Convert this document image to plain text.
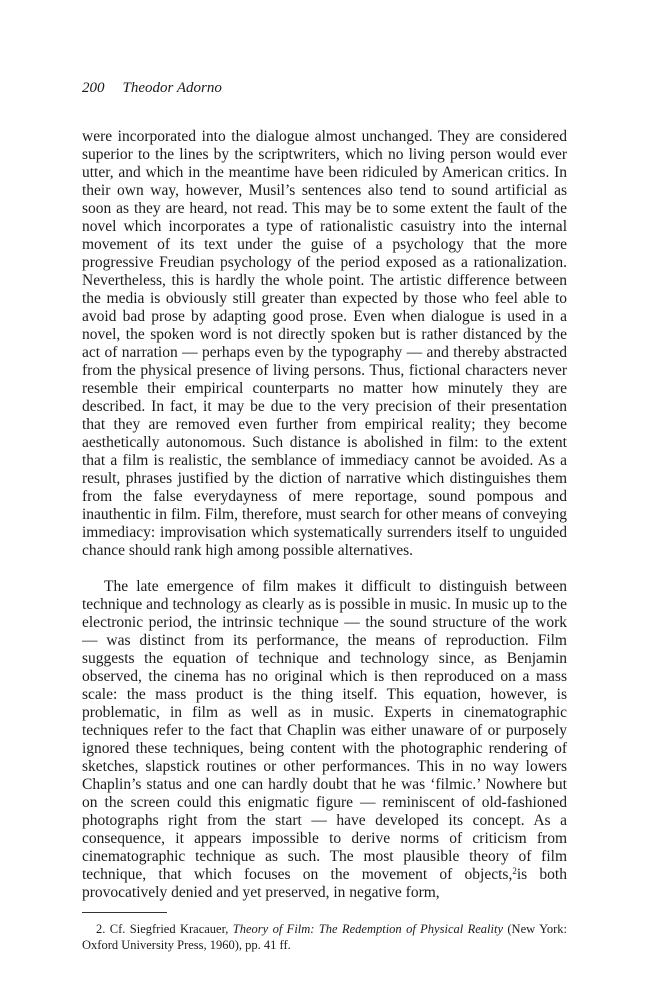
200 Theodor Adorno

were incorporated into the dialogue almost unchanged. They are considered superior to the lines by the scriptwriters, which no living person would ever utter, and which in the meantime have been ridiculed by American critics. In their own way, however, Musil’s sentences also tend to sound artificial as soon as they are heard, not read. This may be to some extent the fault of the novel which incorporates a type of rationalistic casuistry into the internal movement of its text under the guise of a psychology that the more progressive Freudian psychology of the period exposed as a rationalization. Nevertheless, this is hardly the whole point. The artistic difference between the media is obviously still greater than expected by those who feel able to avoid bad prose by adapting good prose. Even when dialogue is used in a novel, the spoken word is not directly spoken but is rather distanced by the act of narration — perhaps even by the typography — and thereby abstracted from the physical presence of living persons. Thus, fictional characters never resemble their empirical counterparts no matter how minutely they are described. In fact, it may be due to the very precision of their presentation that they are removed even further from empirical reality; they become aesthetically autonomous. Such distance is abolished in film: to the extent that a film is realistic, the semblance of immediacy cannot be avoided. As a result, phrases justified by the diction of narrative which distinguishes them from the false everydayness of mere reportage, sound pompous and inauthentic in film. Film, therefore, must search for other means of conveying immediacy: improvisation which systematically surrenders itself to unguided chance should rank high among possible alternatives.

The late emergence of film makes it difficult to distinguish between technique and technology as clearly as is possible in music. In music up to the electronic period, the intrinsic technique — the sound structure of the work — was distinct from its performance, the means of reproduction. Film suggests the equation of technique and technology since, as Benjamin observed, the cinema has no original which is then reproduced on a mass scale: the mass product is the thing itself. This equation, however, is problematic, in film as well as in music. Experts in cinematographic techniques refer to the fact that Chaplin was either unaware of or purposely ignored these techniques, being content with the photographic rendering of sketches, slapstick routines or other performances. This in no way lowers Chaplin’s status and one can hardly doubt that he was ‘filmic.’ Nowhere but on the screen could this enigmatic figure — reminiscent of old-fashioned photographs right from the start — have developed its concept. As a consequence, it appears impossible to derive norms of criticism from cinematographic technique as such. The most plausible theory of film technique, that which focuses on the movement of objects,$^2$is both provocatively denied and yet preserved, in negative form,

2. Cf. Siegfried Kracauer, Theory of Film: The Redemption of Physical Reality (New York: Oxford University Press, 1960), pp. 41 ff.
